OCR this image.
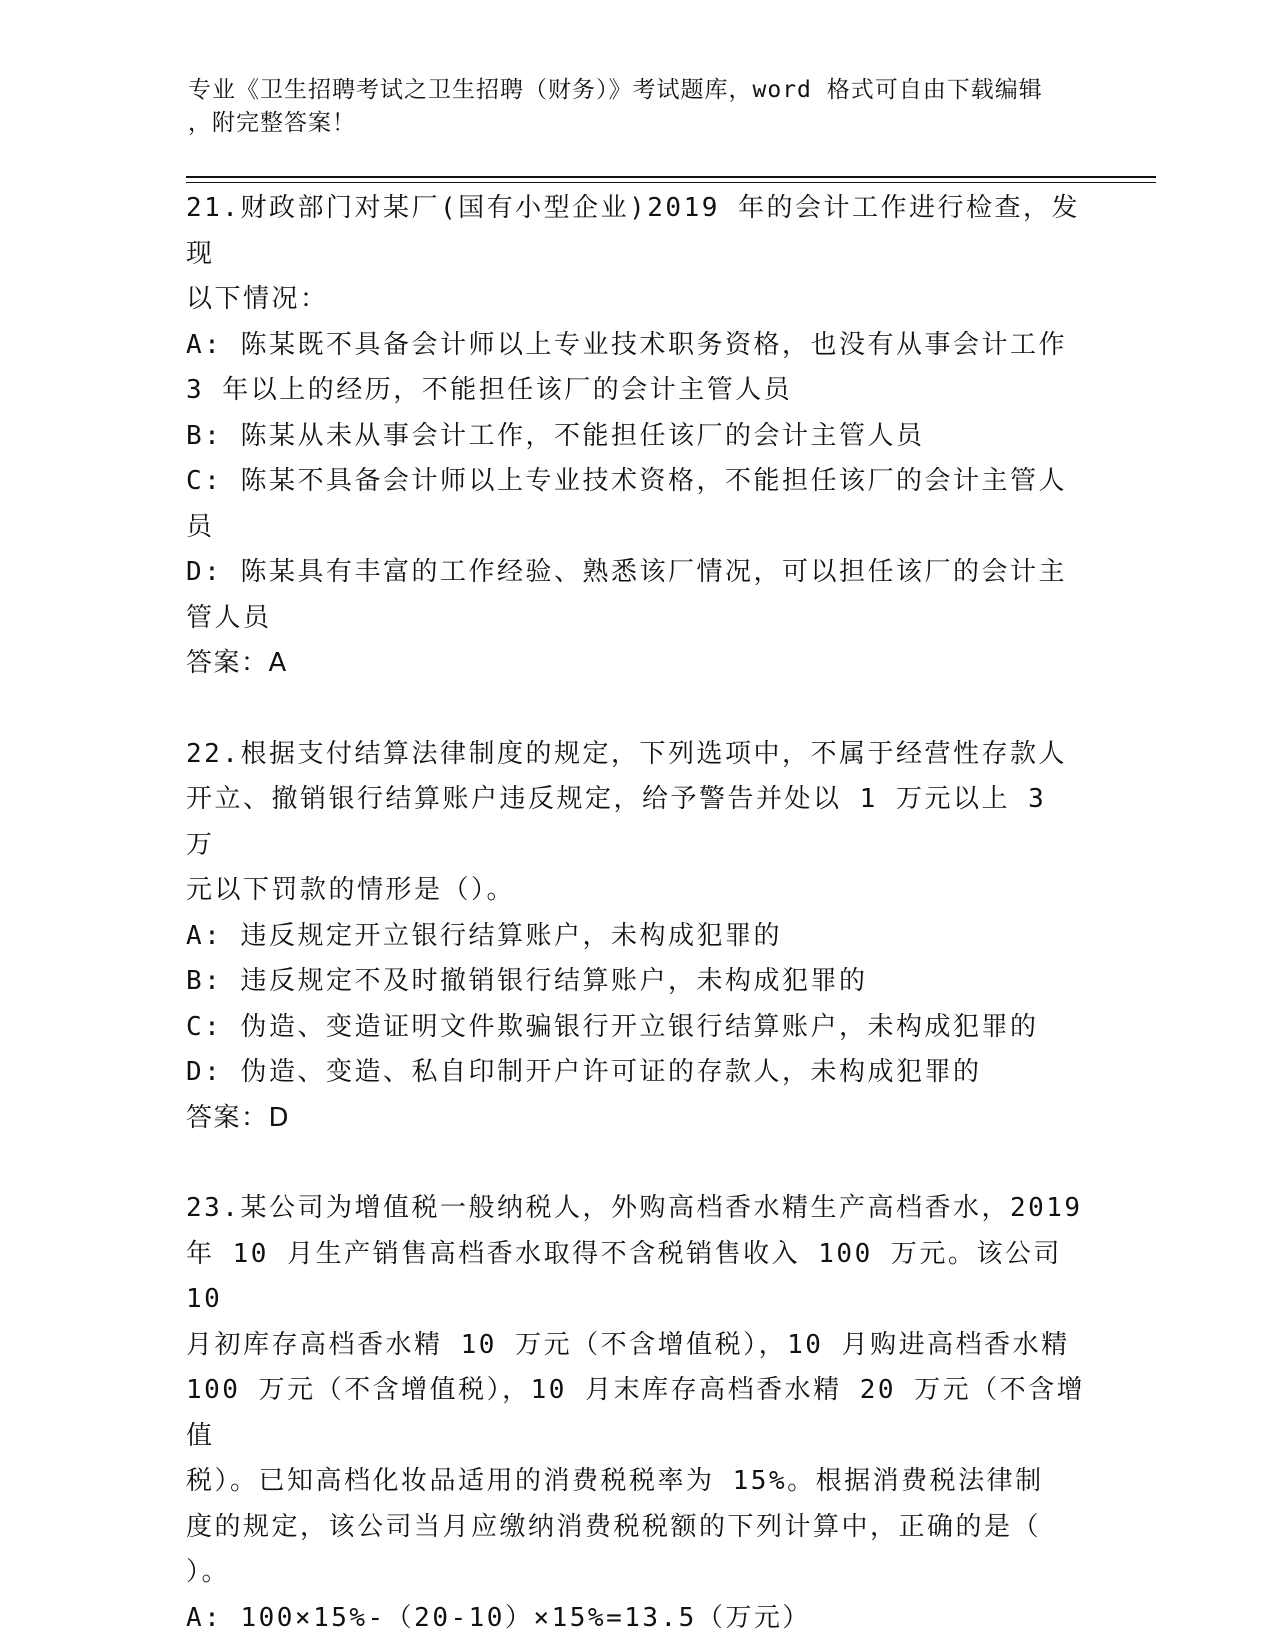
专业《卫生招聘考试之卫生招聘（财务）》考试题库，word 格式可自由下载编辑
，附完整答案！

21.财政部门对某厂(国有小型企业)2019 年的会计工作进行检查，发现

以下情况：

A: 陈某既不具备会计师以上专业技术职务资格，也没有从事会计工作

3 年以上的经历，不能担任该厂的会计主管人员

B: 陈某从未从事会计工作，不能担任该厂的会计主管人员

C: 陈某不具备会计师以上专业技术资格，不能担任该厂的会计主管人

员

D: 陈某具有丰富的工作经验、熟悉该厂情况，可以担任该厂的会计主

管人员

答案：A

22.根据支付结算法律制度的规定，下列选项中，不属于经营性存款人

开立、撤销银行结算账户违反规定，给予警告并处以 1 万元以上 3 万

元以下罚款的情形是（）。

A: 违反规定开立银行结算账户，未构成犯罪的

B: 违反规定不及时撤销银行结算账户，未构成犯罪的

C: 伪造、变造证明文件欺骗银行开立银行结算账户，未构成犯罪的

D: 伪造、变造、私自印制开户许可证的存款人，未构成犯罪的

答案：D

23.某公司为增值税一般纳税人，外购高档香水精生产高档香水，2019

年 10 月生产销售高档香水取得不含税销售收入 100 万元。该公司 10

月初库存高档香水精 10 万元（不含增值税），10 月购进高档香水精

100 万元（不含增值税），10 月末库存高档香水精 20 万元（不含增值

税）。已知高档化妆品适用的消费税税率为 15%。根据消费税法律制

度的规定，该公司当月应缴纳消费税税额的下列计算中，正确的是（

）。

A: 100×15%-（20-10）×15%=13.5（万元）
